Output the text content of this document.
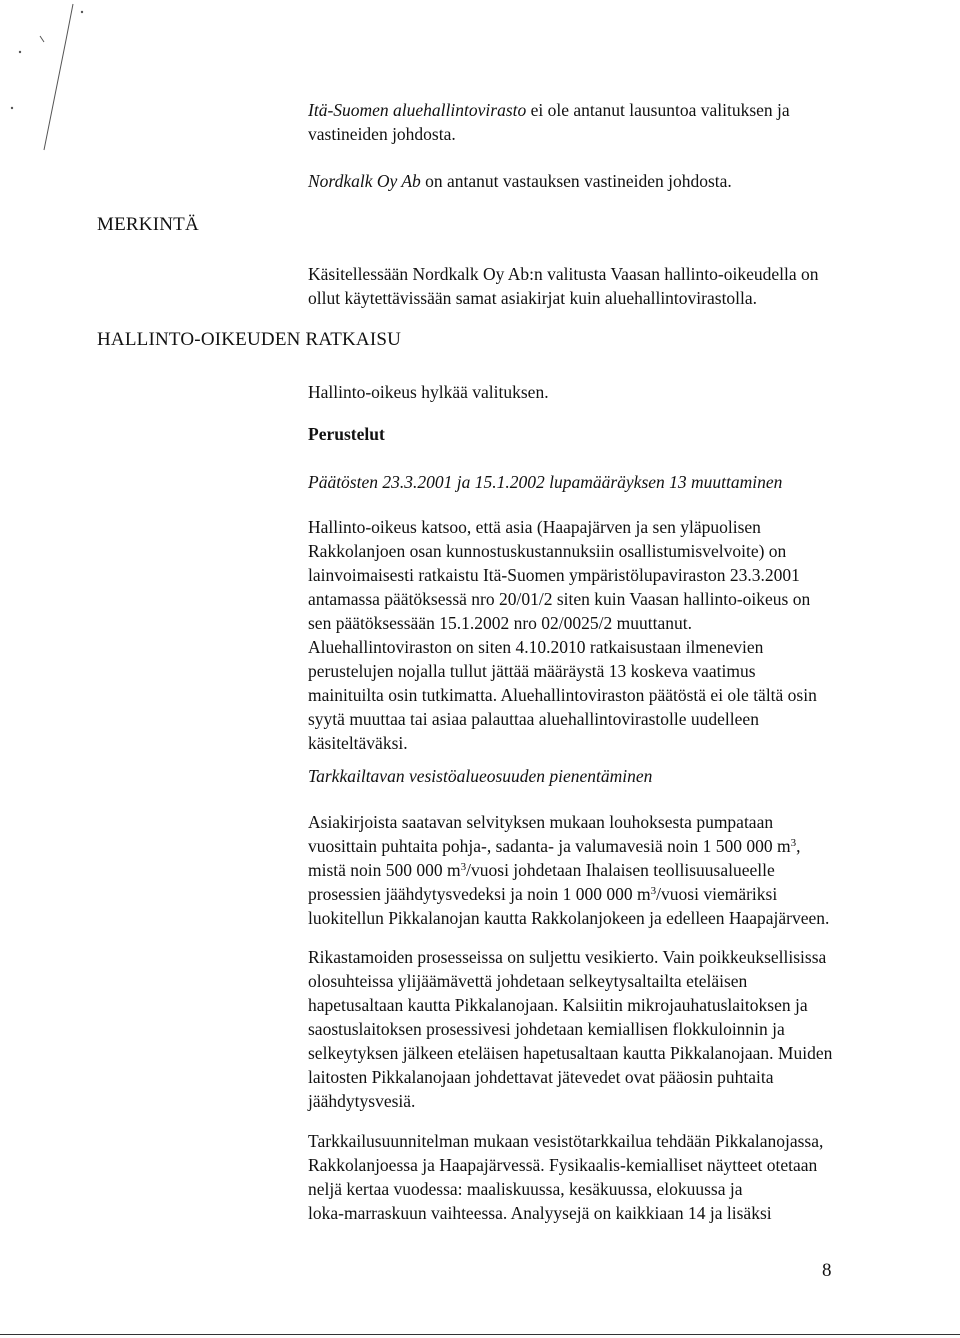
Itä-Suomen aluehallintovirasto ei ole antanut lausuntoa valituksen ja

vastineiden johdosta.

Nordkalk Oy Ab on antanut vastauksen vastineiden johdosta.

MERKINTÄ

Käsitellessään Nordkalk Oy Ab:n valitusta Vaasan hallinto-oikeudella on

ollut käytettävissään samat asiakirjat kuin aluehallintovirastolla.

HALLINTO-OIKEUDEN RATKAISU
Hallinto-oikeus hylkää valituksen.
Perustelut
Päätösten 23.3.2001 ja 15.1.2002 lupamääräyksen 13 muuttaminen

Hallinto-oikeus katsoo, että asia (Haapajärven ja sen yläpuolisen

Rakkolanjoen osan kunnostuskustannuksiin osallistumisvelvoite) on

lainvoimaisesti ratkaistu Itä-Suomen ympäristölupaviraston 23.3.2001

antamassa päätöksessä nro 20/01/2 siten kuin Vaasan hallinto-oikeus on

sen päätöksessään 15.1.2002 nro 02/0025/2 muuttanut.

Aluehallintoviraston on siten 4.10.2010 ratkaisustaan ilmenevien

perustelujen nojalla tullut jättää määräystä 13 koskeva vaatimus

mainituilta osin tutkimatta. Aluehallintoviraston päätöstä ei ole tältä osin

syytä muuttaa tai asiaa palauttaa aluehallintovirastolle uudelleen

käsiteltäväksi.

Tarkkailtavan vesistöalueosuuden pienentäminen

Asiakirjoista saatavan selvityksen mukaan louhoksesta pumpataan

vuosittain puhtaita pohja-, sadanta- ja valumavesiä noin 1 500 000 $m^3$,

mistä noin 500 000 $m^3$/vuosi johdetaan Ihalaisen teollisuusalueelle

prosessien jäähdytysvedeksi ja noin 1 000 000 $m^3$/vuosi viemäriksi

luokitellun Pikkalanojan kautta Rakkolanjokeen ja edelleen Haapajärveen.

Rikastamoiden prosesseissa on suljettu vesikierto. Vain poikkeuksellisissa

olosuhteissa ylijäämävettä johdetaan selkeytysaltailta eteläisen

hapetusaltaan kautta Pikkalanojaan. Kalsiitin mikrojauhatuslaitoksen ja

saostuslaitoksen prosessivesi johdetaan kemiallisen flokkuloinnin ja

selkeytyksen jälkeen eteläisen hapetusaltaan kautta Pikkalanojaan. Muiden

laitosten Pikkalanojaan johdettavat jätevedet ovat pääosin puhtaita

jäähdytysvesiä.

Tarkkailusuunnitelman mukaan vesistötarkkailua tehdään Pikkalanojassa,

Rakkolanjoessa ja Haapajärvessä. Fysikaalis-kemialliset näytteet otetaan

neljä kertaa vuodessa: maaliskuussa, kesäkuussa, elokuussa ja

loka-marraskuun vaihteessa. Analyysejä on kaikkiaan 14 ja lisäksi

8
